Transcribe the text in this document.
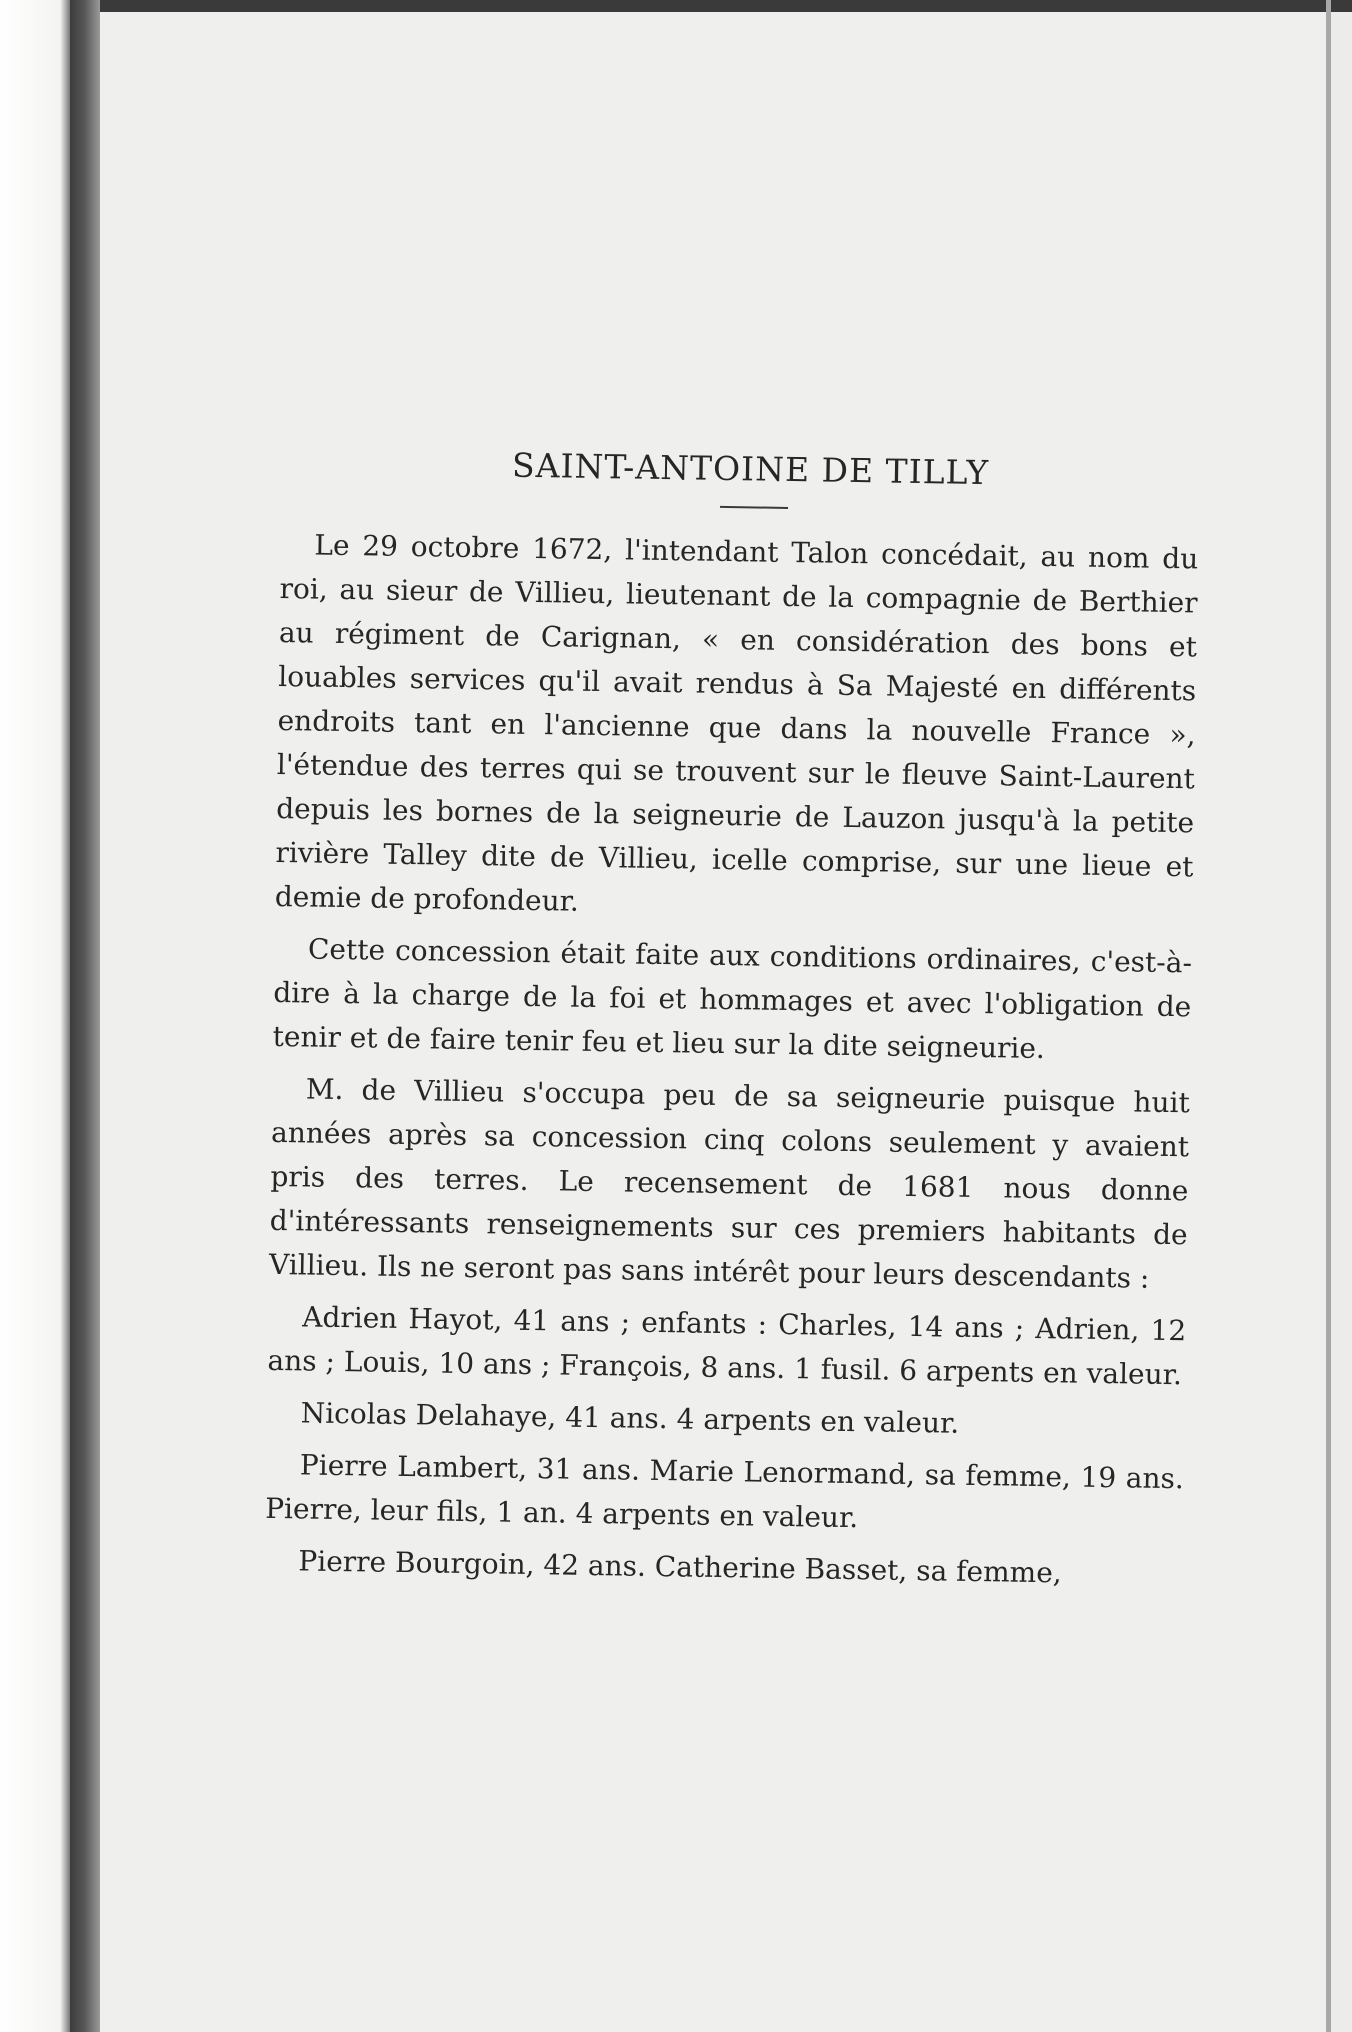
SAINT-ANTOINE DE TILLY

Le 29 octobre 1672, l'intendant Talon concédait, au nom du roi, au sieur de Villieu, lieutenant de la compagnie de Berthier au régiment de Carignan, « en considération des bons et louables services qu'il avait rendus à Sa Majesté en différents endroits tant en l'ancienne que dans la nouvelle France », l'étendue des terres qui se trouvent sur le fleuve Saint-Laurent depuis les bornes de la seigneurie de Lauzon jusqu'à la petite rivière Talley dite de Villieu, icelle comprise, sur une lieue et demie de profondeur.

Cette concession était faite aux conditions ordinaires, c'est-à-dire à la charge de la foi et hommages et avec l'obligation de tenir et de faire tenir feu et lieu sur la dite seigneurie.

M. de Villieu s'occupa peu de sa seigneurie puisque huit années après sa concession cinq colons seulement y avaient pris des terres. Le recensement de 1681 nous donne d'intéressants renseignements sur ces premiers habitants de Villieu. Ils ne seront pas sans intérêt pour leurs descendants :

Adrien Hayot, 41 ans ; enfants : Charles, 14 ans ; Adrien, 12 ans ; Louis, 10 ans ; François, 8 ans. 1 fusil. 6 arpents en valeur.

Nicolas Delahaye, 41 ans. 4 arpents en valeur.

Pierre Lambert, 31 ans. Marie Lenormand, sa femme, 19 ans. Pierre, leur fils, 1 an. 4 arpents en valeur.

Pierre Bourgoin, 42 ans. Catherine Basset, sa femme,
